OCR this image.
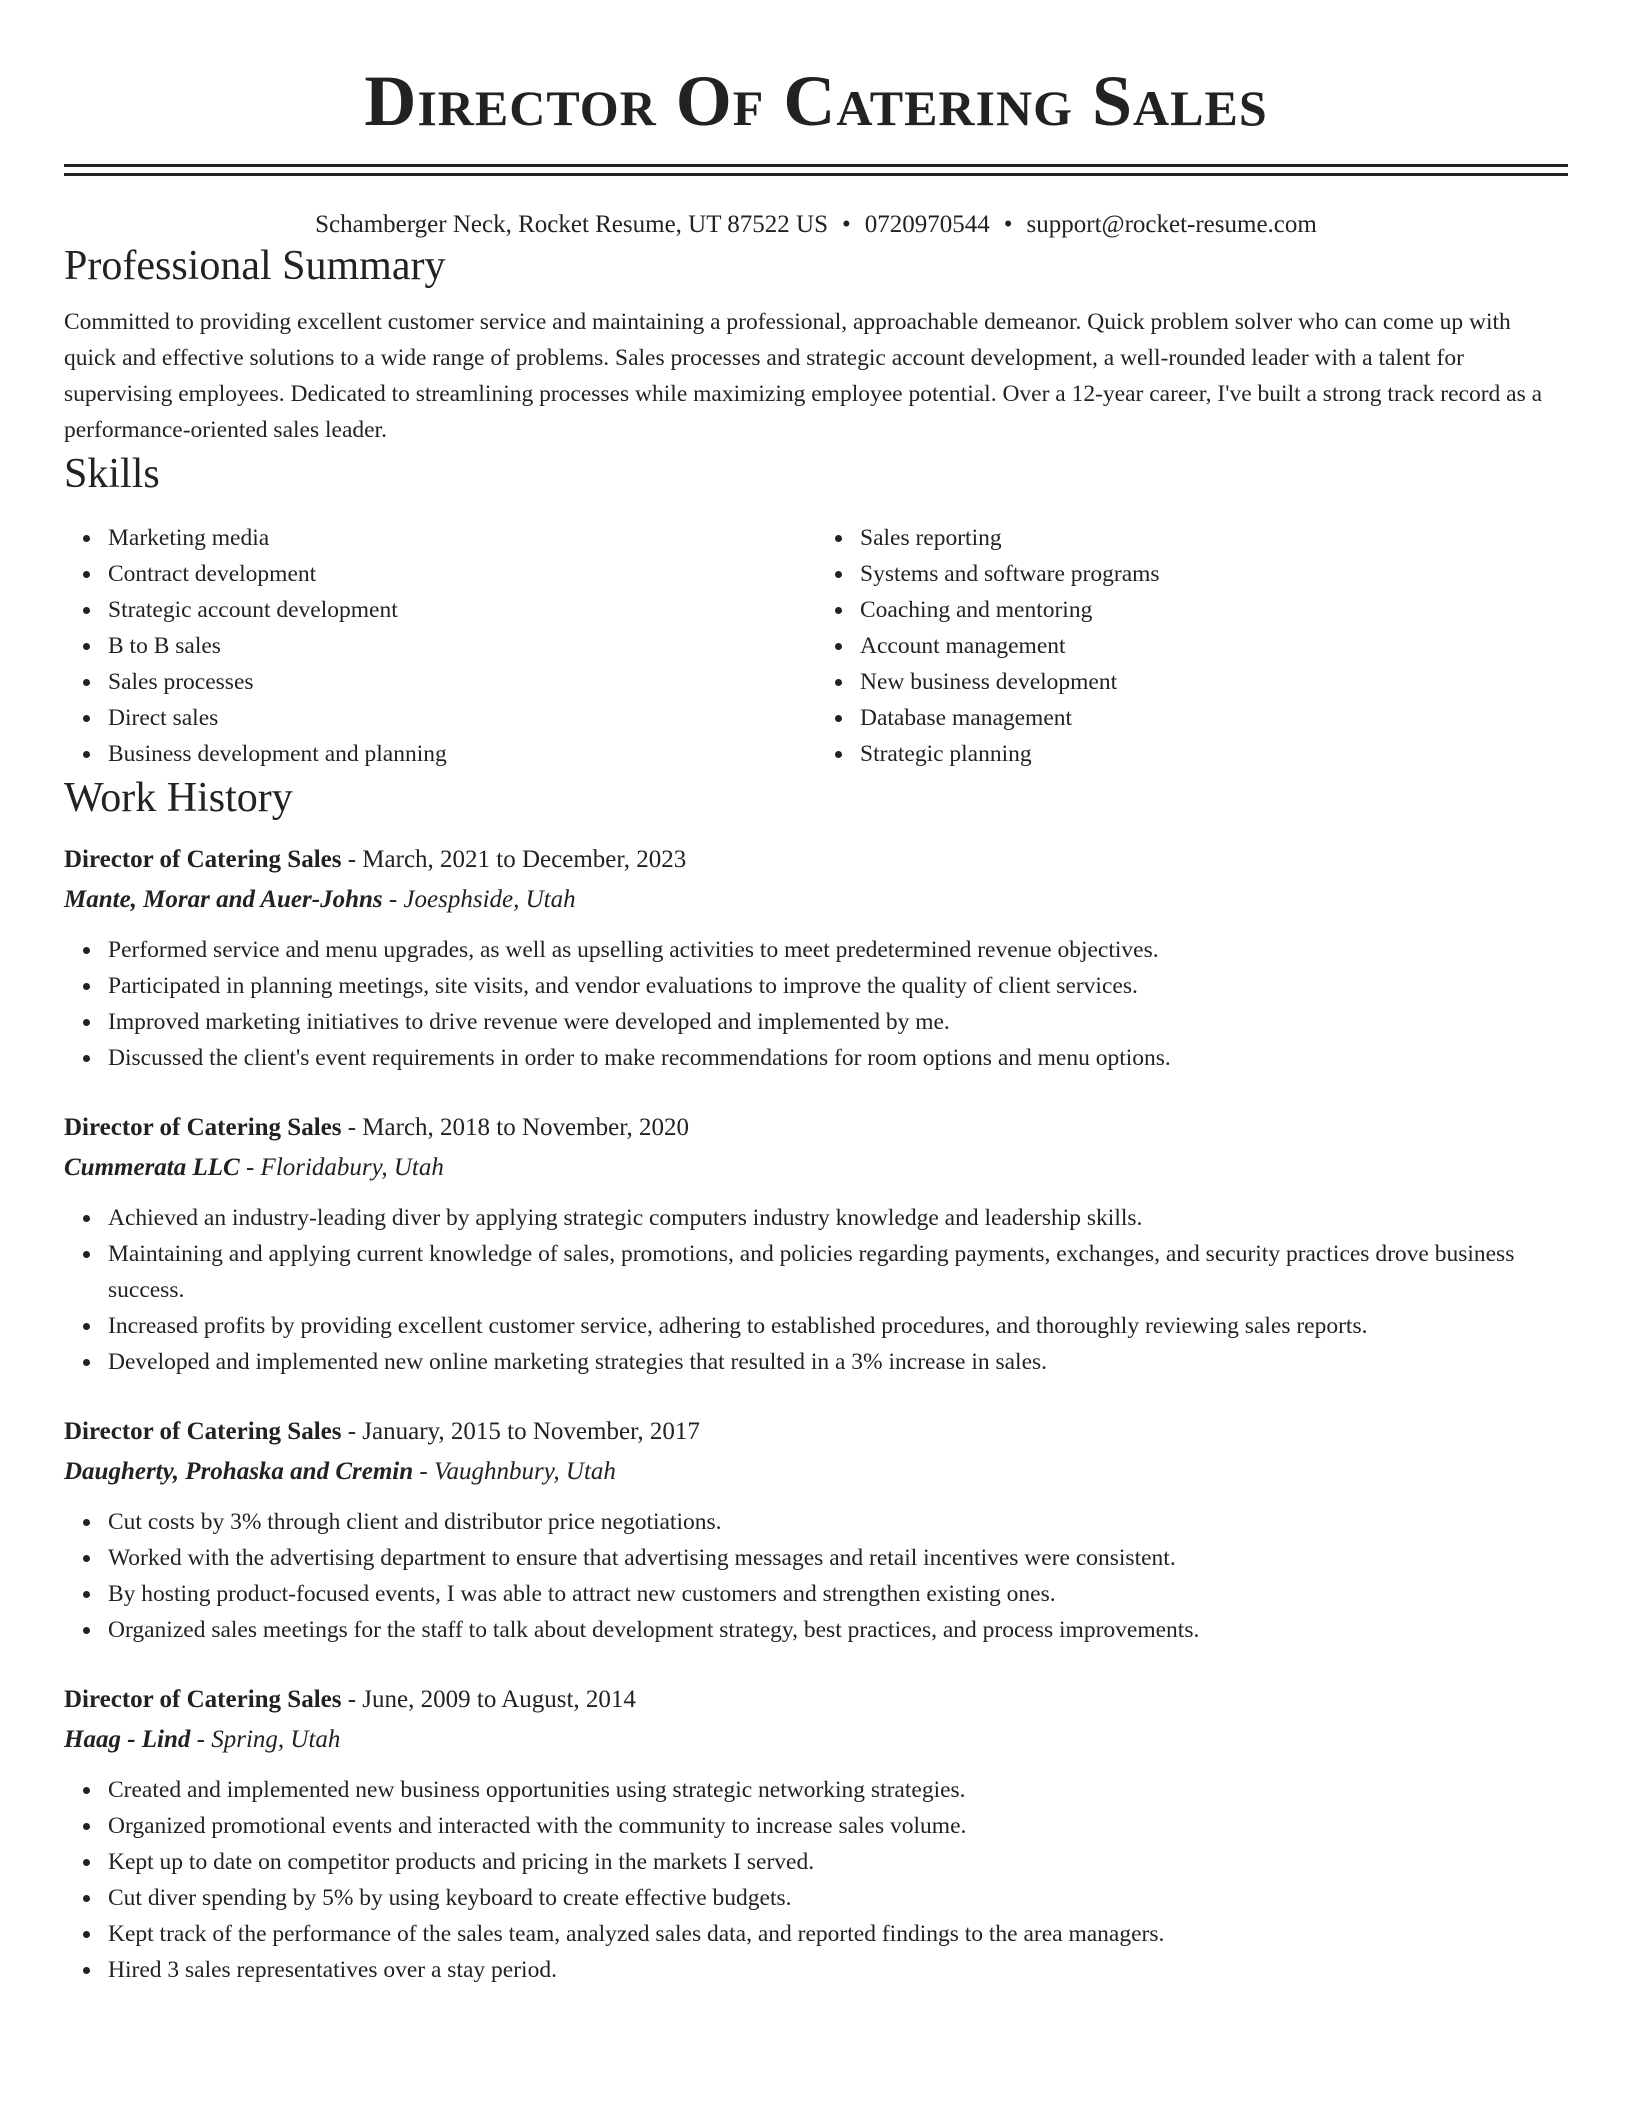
Director Of Catering Sales
Schamberger Neck, Rocket Resume, UT 87522 US • 0720970544 • support@rocket-resume.com
Professional Summary

Committed to providing excellent customer service and maintaining a professional, approachable demeanor. Quick problem solver who can come up with quick and effective solutions to a wide range of problems. Sales processes and strategic account development, a well-rounded leader with a talent for supervising employees. Dedicated to streamlining processes while maximizing employee potential. Over a 12-year career, I've built a strong track record as a performance-oriented sales leader.

Skills
Marketing media
Contract development
Strategic account development
B to B sales
Sales processes
Direct sales
Business development and planning
Sales reporting
Systems and software programs
Coaching and mentoring
Account management
New business development
Database management
Strategic planning
Work History
Director of Catering Sales - March, 2021 to December, 2023
Mante, Morar and Auer-Johns - Joesphside, Utah
Performed service and menu upgrades, as well as upselling activities to meet predetermined revenue objectives.
Participated in planning meetings, site visits, and vendor evaluations to improve the quality of client services.
Improved marketing initiatives to drive revenue were developed and implemented by me.
Discussed the client's event requirements in order to make recommendations for room options and menu options.
Director of Catering Sales - March, 2018 to November, 2020
Cummerata LLC - Floridabury, Utah
Achieved an industry-leading diver by applying strategic computers industry knowledge and leadership skills.
Maintaining and applying current knowledge of sales, promotions, and policies regarding payments, exchanges, and security practices drove business success.
Increased profits by providing excellent customer service, adhering to established procedures, and thoroughly reviewing sales reports.
Developed and implemented new online marketing strategies that resulted in a 3% increase in sales.
Director of Catering Sales - January, 2015 to November, 2017
Daugherty, Prohaska and Cremin - Vaughnbury, Utah
Cut costs by 3% through client and distributor price negotiations.
Worked with the advertising department to ensure that advertising messages and retail incentives were consistent.
By hosting product-focused events, I was able to attract new customers and strengthen existing ones.
Organized sales meetings for the staff to talk about development strategy, best practices, and process improvements.
Director of Catering Sales - June, 2009 to August, 2014
Haag - Lind - Spring, Utah
Created and implemented new business opportunities using strategic networking strategies.
Organized promotional events and interacted with the community to increase sales volume.
Kept up to date on competitor products and pricing in the markets I served.
Cut diver spending by 5% by using keyboard to create effective budgets.
Kept track of the performance of the sales team, analyzed sales data, and reported findings to the area managers.
Hired 3 sales representatives over a stay period.
